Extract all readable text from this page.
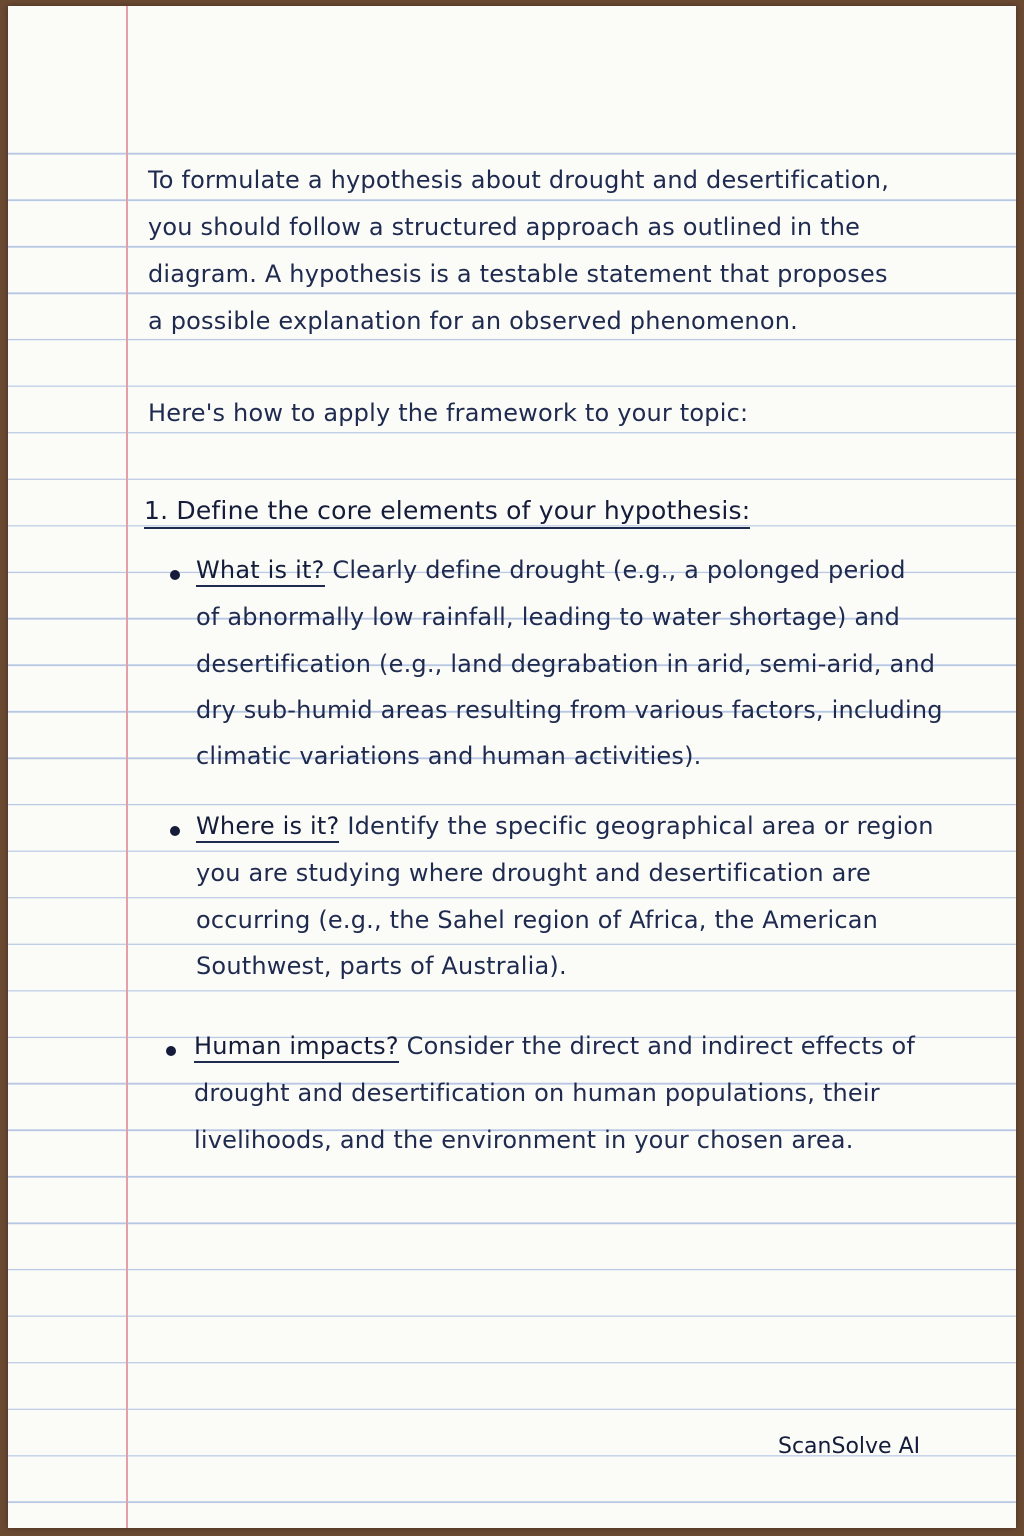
To formulate a hypothesis about drought and desertification,
you should follow a structured approach as outlined in the
diagram. A hypothesis is a testable statement that proposes
a possible explanation for an observed phenomenon.
Here's how to apply the framework to your topic:
1. Define the core elements of your hypothesis:
What is it? Clearly define drought (e.g., a polonged period
of abnormally low rainfall, leading to water shortage) and
desertification (e.g., land degrabation in arid, semi-arid, and
dry sub-humid areas resulting from various factors, including
climatic variations and human activities).
Where is it? Identify the specific geographical area or region
you are studying where drought and desertification are
occurring (e.g., the Sahel region of Africa, the American
Southwest, parts of Australia).
Human impacts? Consider the direct and indirect effects of
drought and desertification on human populations, their
livelihoods, and the environment in your chosen area.
ScanSolve AI
